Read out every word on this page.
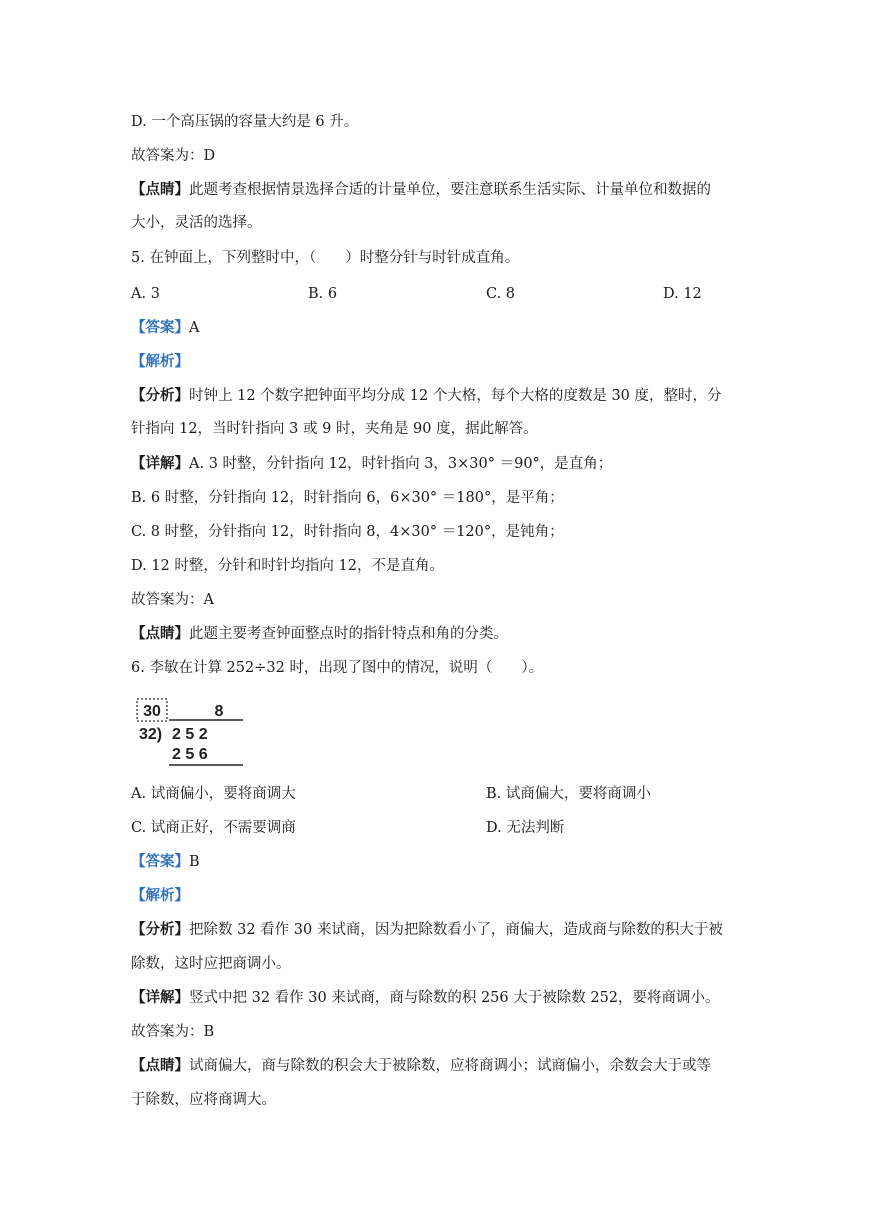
D. 一个高压锅的容量大约是 6 升。
故答案为：D
【点睛】此题考查根据情景选择合适的计量单位，要注意联系生活实际、计量单位和数据的
大小，灵活的选择。
5. 在钟面上，下列整时中，（　　）时整分针与时针成直角。
A. 3	B. 6	C. 8	D. 12
【答案】A
【解析】
【分析】时钟上 12 个数字把钟面平均分成 12 个大格，每个大格的度数是 30 度，整时，分
针指向 12，当时针指向 3 或 9 时，夹角是 90 度，据此解答。
【详解】A. 3 时整，分针指向 12，时针指向 3，3×30° ＝90°，是直角；
B. 6 时整，分针指向 12，时针指向 6，6×30° ＝180°，是平角；
C. 8 时整，分针指向 12，时针指向 8，4×30° ＝120°，是钝角；
D. 12 时整，分针和时针均指向 12，不是直角。
故答案为：A
【点睛】此题主要考查钟面整点时的指针特点和角的分类。
6. 李敏在计算 252÷32 时，出现了图中的情况，说明（　　）。
30	8
32) 2 5 2
2 5 6
A. 试商偏小，要将商调大	B. 试商偏大，要将商调小
C. 试商正好，不需要调商	D. 无法判断
【答案】B
【解析】
【分析】把除数 32 看作 30 来试商，因为把除数看小了，商偏大，造成商与除数的积大于被
除数，这时应把商调小。
【详解】竖式中把 32 看作 30 来试商，商与除数的积 256 大于被除数 252，要将商调小。
故答案为：B
【点睛】试商偏大，商与除数的积会大于被除数，应将商调小；试商偏小，余数会大于或等
于除数，应将商调大。
